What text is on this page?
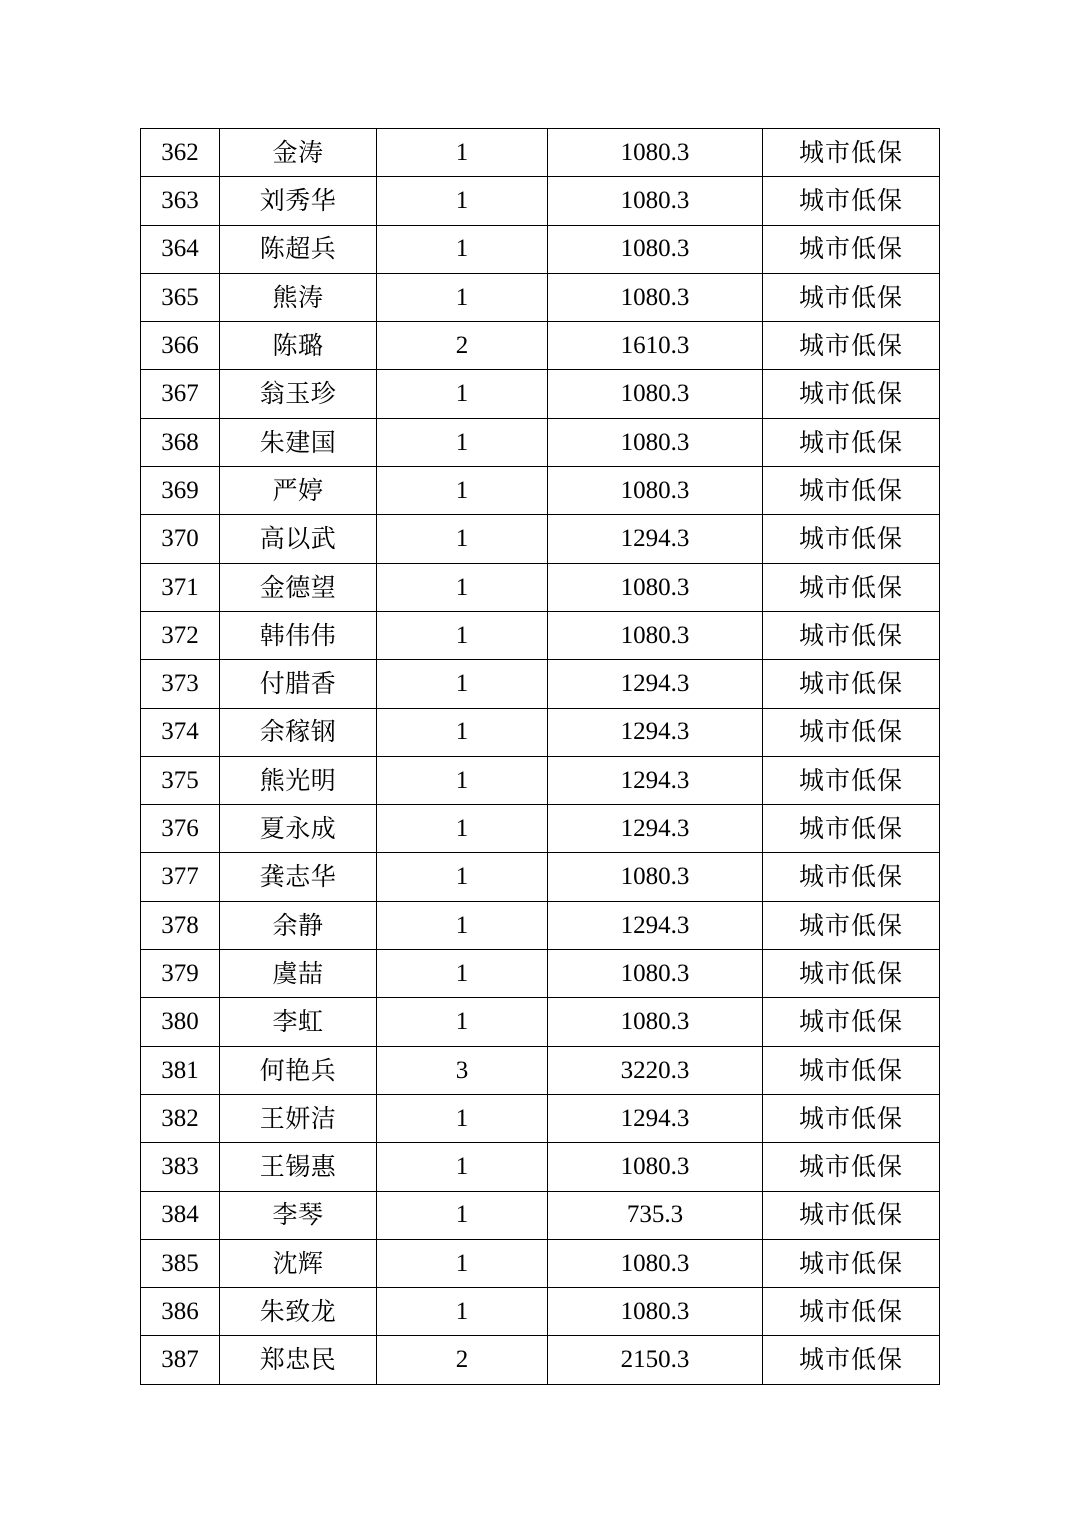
362	金涛	1	1080.3	城市低保
363	刘秀华	1	1080.3	城市低保
364	陈超兵	1	1080.3	城市低保
365	熊涛	1	1080.3	城市低保
366	陈璐	2	1610.3	城市低保
367	翁玉珍	1	1080.3	城市低保
368	朱建国	1	1080.3	城市低保
369	严婷	1	1080.3	城市低保
370	高以武	1	1294.3	城市低保
371	金德望	1	1080.3	城市低保
372	韩伟伟	1	1080.3	城市低保
373	付腊香	1	1294.3	城市低保
374	余稼钢	1	1294.3	城市低保
375	熊光明	1	1294.3	城市低保
376	夏永成	1	1294.3	城市低保
377	龚志华	1	1080.3	城市低保
378	余静	1	1294.3	城市低保
379	虞喆	1	1080.3	城市低保
380	李虹	1	1080.3	城市低保
381	何艳兵	3	3220.3	城市低保
382	王妍洁	1	1294.3	城市低保
383	王锡惠	1	1080.3	城市低保
384	李琴	1	735.3	城市低保
385	沈辉	1	1080.3	城市低保
386	朱致龙	1	1080.3	城市低保
387	郑忠民	2	2150.3	城市低保
